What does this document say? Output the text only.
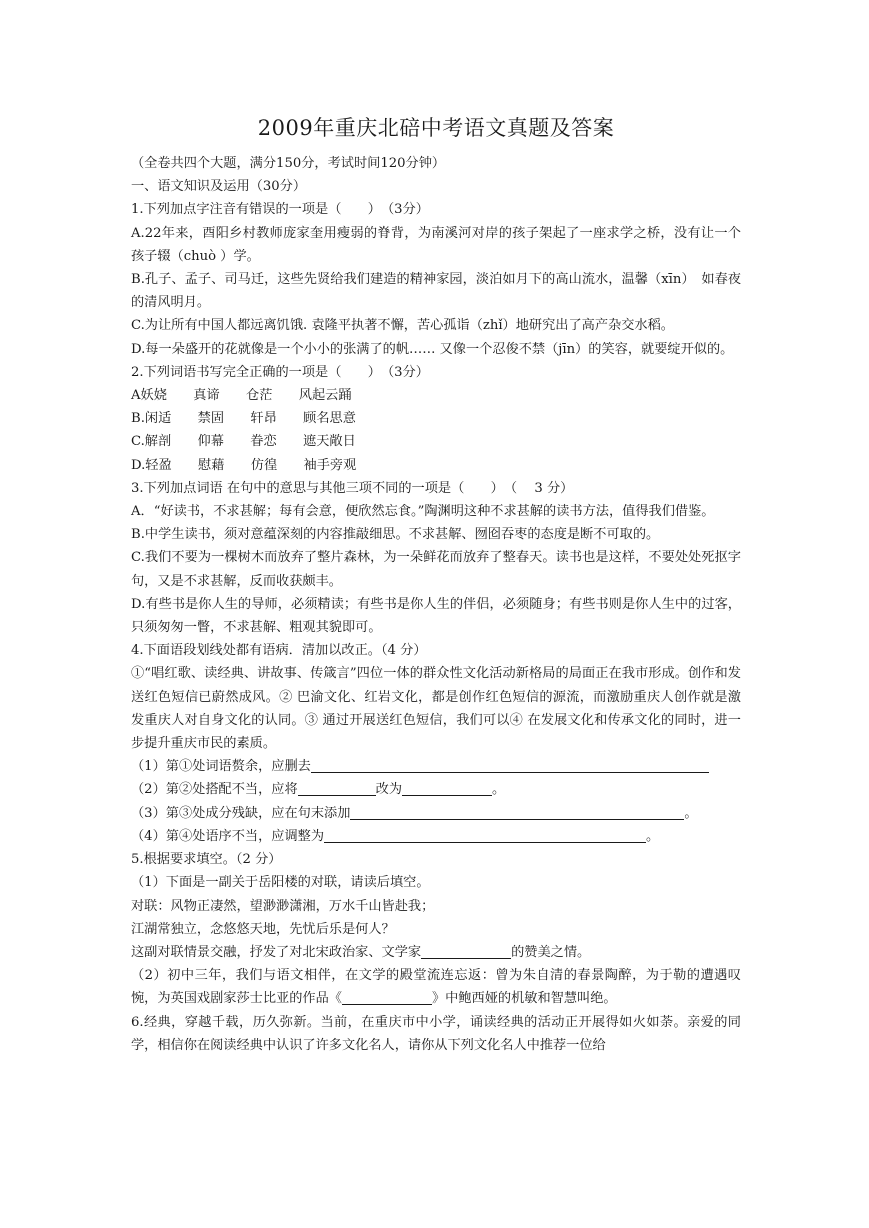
2009年重庆北碚中考语文真题及答案

（全卷共四个大题，满分150分，考试时间120分钟）

一、语文知识及运用（30分）

1.下列加点字注音有错误的一项是（　　）　（3分）

A.22年来，酉阳乡村教师庞家奎用瘦弱的脊背，为南溪河对岸的孩子架起了一座求学之桥，没有让一个孩子辍（chuò ）学。

B.孔子、孟子、司马迁，这些先贤给我们建造的精神家园，淡泊如月下的高山流水，温馨（xīn）　如春夜的清风明月。

C.为让所有中国人都远离饥饿. 袁隆平执著不懈，苦心孤诣（zhǐ）地研究出了高产杂交水稻。

D.每一朵盛开的花就像是一个小小的张满了的帆…… 又像一个忍俊不禁（jīn）的笑容，就要绽开似的。

2.下列词语书写完全正确的一项是（　　）　（3分）

A妖娆　　真谛　　仓茫　　风起云踊

B.闲适　　禁固　　轩昂　　顾名思意

C.解剖　　仰幕　　眷恋　　遮天敞日

D.轻盈　　慰藉　　仿徨　　袖手旁观

3.下列加点词语 在句中的意思与其他三项不同的一项是（　　）　（　 3 分）

A．“好读书，不求甚解；每有会意，便欣然忘食。”陶渊明这种不求甚解的读书方法，值得我们借鉴。

B.中学生读书，须对意蕴深刻的内容推敲细思。不求甚解、囫囵吞枣的态度是断不可取的。

C.我们不要为一棵树木而放弃了整片森林，为一朵鲜花而放弃了整春天。读书也是这样，不要处处死抠字句，又是不求甚解，反而收获颇丰。

D.有些书是你人生的导师，必须精读；有些书是你人生的伴侣，必须随身；有些书则是你人生中的过客，只须匆匆一瞥，不求甚解、粗观其貌即可。

4.下面语段划线处都有语病．清加以改正。（4 分）

①“唱红歌、读经典、讲故事、传箴言”四位一体的群众性文化活动新格局的局面正在我市形成。创作和发送红色短信已蔚然成风。② 巴渝文化、红岩文化，都是创作红色短信的源流，而激励重庆人创作就是激发重庆人对自身文化的认同。③ 通过开展送红色短信，我们可以④ 在发展文化和传承文化的同时，进一步提升重庆市民的素质。

（1）第①处词语赘余，应删去

（2）第②处搭配不当，应将	改为	。

（3）第③处成分残缺，应在句末添加	。

（4）第④处语序不当，应调整为	。

5.根据要求填空。（2 分）

（1）下面是一副关于岳阳楼的对联，请读后填空。

对联：风物正凄然，望渺渺潇湘，万水千山皆赴我；

江湖常独立，念悠悠天地，先忧后乐是何人？

这副对联情景交融，抒发了对北宋政治家、文学家	的赞美之情。

（2）初中三年，我们与语文相伴，在文学的殿堂流连忘返：曾为朱自清的春景陶醉，为于勒的遭遇叹惋，为英国戏剧家莎士比亚的作品《	》中鲍西娅的机敏和智慧叫绝。

6.经典，穿越千载，历久弥新。当前，在重庆市中小学，诵读经典的活动正开展得如火如荼。亲爱的同学，相信你在阅读经典中认识了许多文化名人，请你从下列文化名人中推荐一位给
